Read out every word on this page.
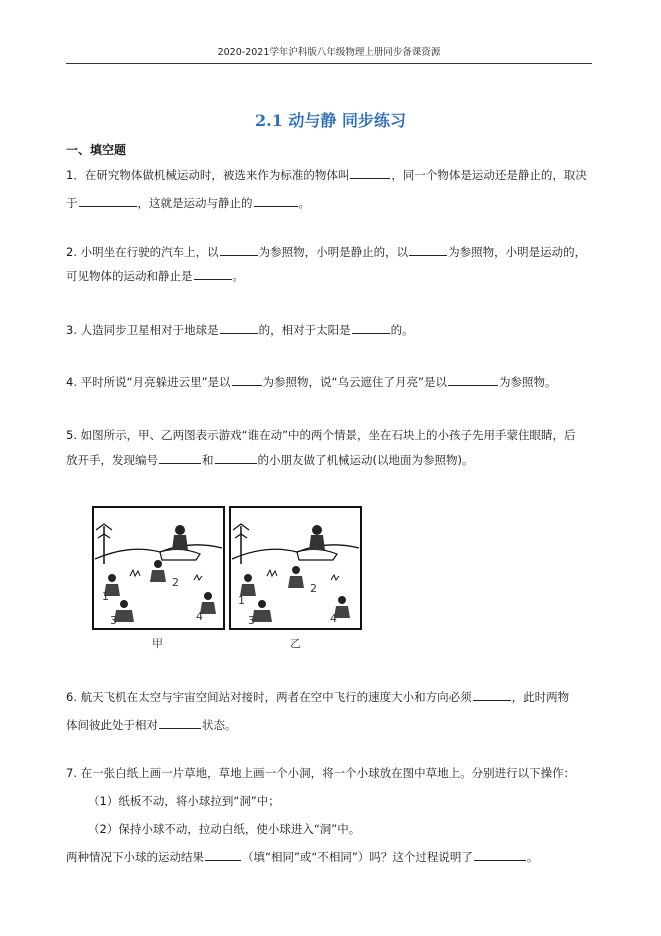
2020-2021学年沪科版八年级物理上册同步备课资源
2.1 动与静 同步练习
一、填空题
1．在研究物体做机械运动时，被选来作为标准的物体叫	，同一个物体是运动还是静止的，取决
于	，这就是运动与静止的	。
2. 小明坐在行驶的汽车上，以	为参照物，小明是静止的，以	为参照物，小明是运动的，
可见物体的运动和静止是	。
3. 人造同步卫星相对于地球是	的，相对于太阳是	的。
4. 平时所说“月亮躲进云里”是以	为参照物，说“乌云遮住了月亮”是以	为参照物。
5. 如图所示，甲、乙两图表示游戏“谁在动”中的两个情景，坐在石块上的小孩子先用手蒙住眼睛，后
放开手，发现编号	和	的小朋友做了机械运动(以地面为参照物)。
1
2
3	4
1
2
3	4
甲	乙
6. 航天飞机在太空与宇宙空间站对接时，两者在空中飞行的速度大小和方向必须	，此时两物
体间彼此处于相对	状态。
7. 在一张白纸上画一片草地，草地上画一个小洞，将一个小球放在图中草地上。分别进行以下操作：
（1）纸板不动，将小球拉到“洞”中；
（2）保持小球不动，拉动白纸，使小球进入“洞”中。
两种情况下小球的运动结果	（填“相同”或“不相同”）吗？这个过程说明了	。
